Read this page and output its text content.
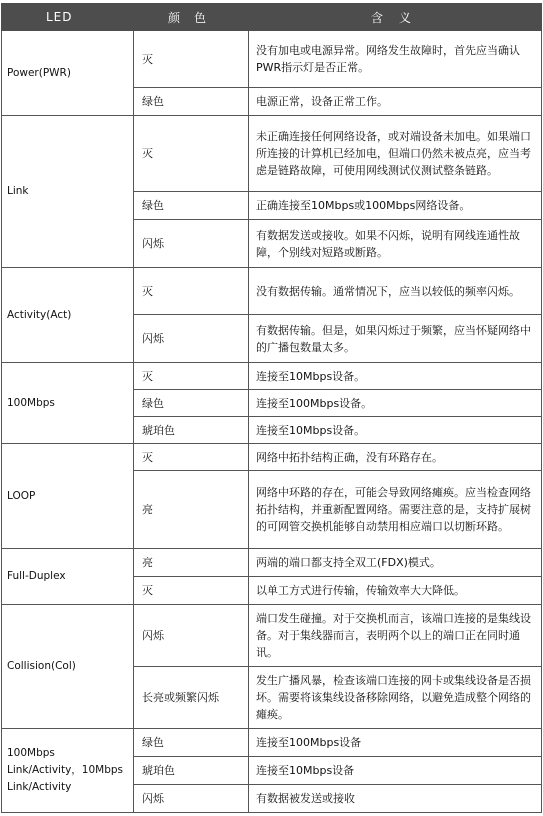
LED	颜色	含义
Power(PWR)	灭	没有加电或电源异常。网络发生故障时，首先应当确认PWR指示灯是否正常。
	绿色	电源正常，设备正常工作。
Link	灭	未正确连接任何网络设备，或对端设备未加电。如果端口所连接的计算机已经加电，但端口仍然未被点亮，应当考虑是链路故障，可使用网线测试仪测试整条链路。
	绿色	正确连接至10Mbps或100Mbps网络设备。
	闪烁	有数据发送或接收。如果不闪烁，说明有网线连通性故障，个别线对短路或断路。
Activity(Act)	灭	没有数据传输。通常情况下，应当以较低的频率闪烁。
	闪烁	有数据传输。但是，如果闪烁过于频繁，应当怀疑网络中的广播包数量太多。
100Mbps	灭	连接至10Mbps设备。
	绿色	连接至100Mbps设备。
	琥珀色	连接至10Mbps设备。
LOOP	灭	网络中拓扑结构正确，没有环路存在。
	亮	网络中环路的存在，可能会导致网络瘫痪。应当检查网络拓扑结构，并重新配置网络。需要注意的是，支持扩展树的可网管交换机能够自动禁用相应端口以切断环路。
Full-Duplex	亮	两端的端口都支持全双工(FDX)模式。
	灭	以单工方式进行传输，传输效率大大降低。
Collision(Col)	闪烁	端口发生碰撞。对于交换机而言，该端口连接的是集线设备。对于集线器而言，表明两个以上的端口正在同时通讯。
	长亮或频繁闪烁	发生广播风暴，检查该端口连接的网卡或集线设备是否损坏。需要将该集线设备移除网络，以避免造成整个网络的瘫痪。
100Mbps Link/Activity，10Mbps Link/Activity	绿色	连接至100Mbps设备
	琥珀色	连接至10Mbps设备
	闪烁	有数据被发送或接收
